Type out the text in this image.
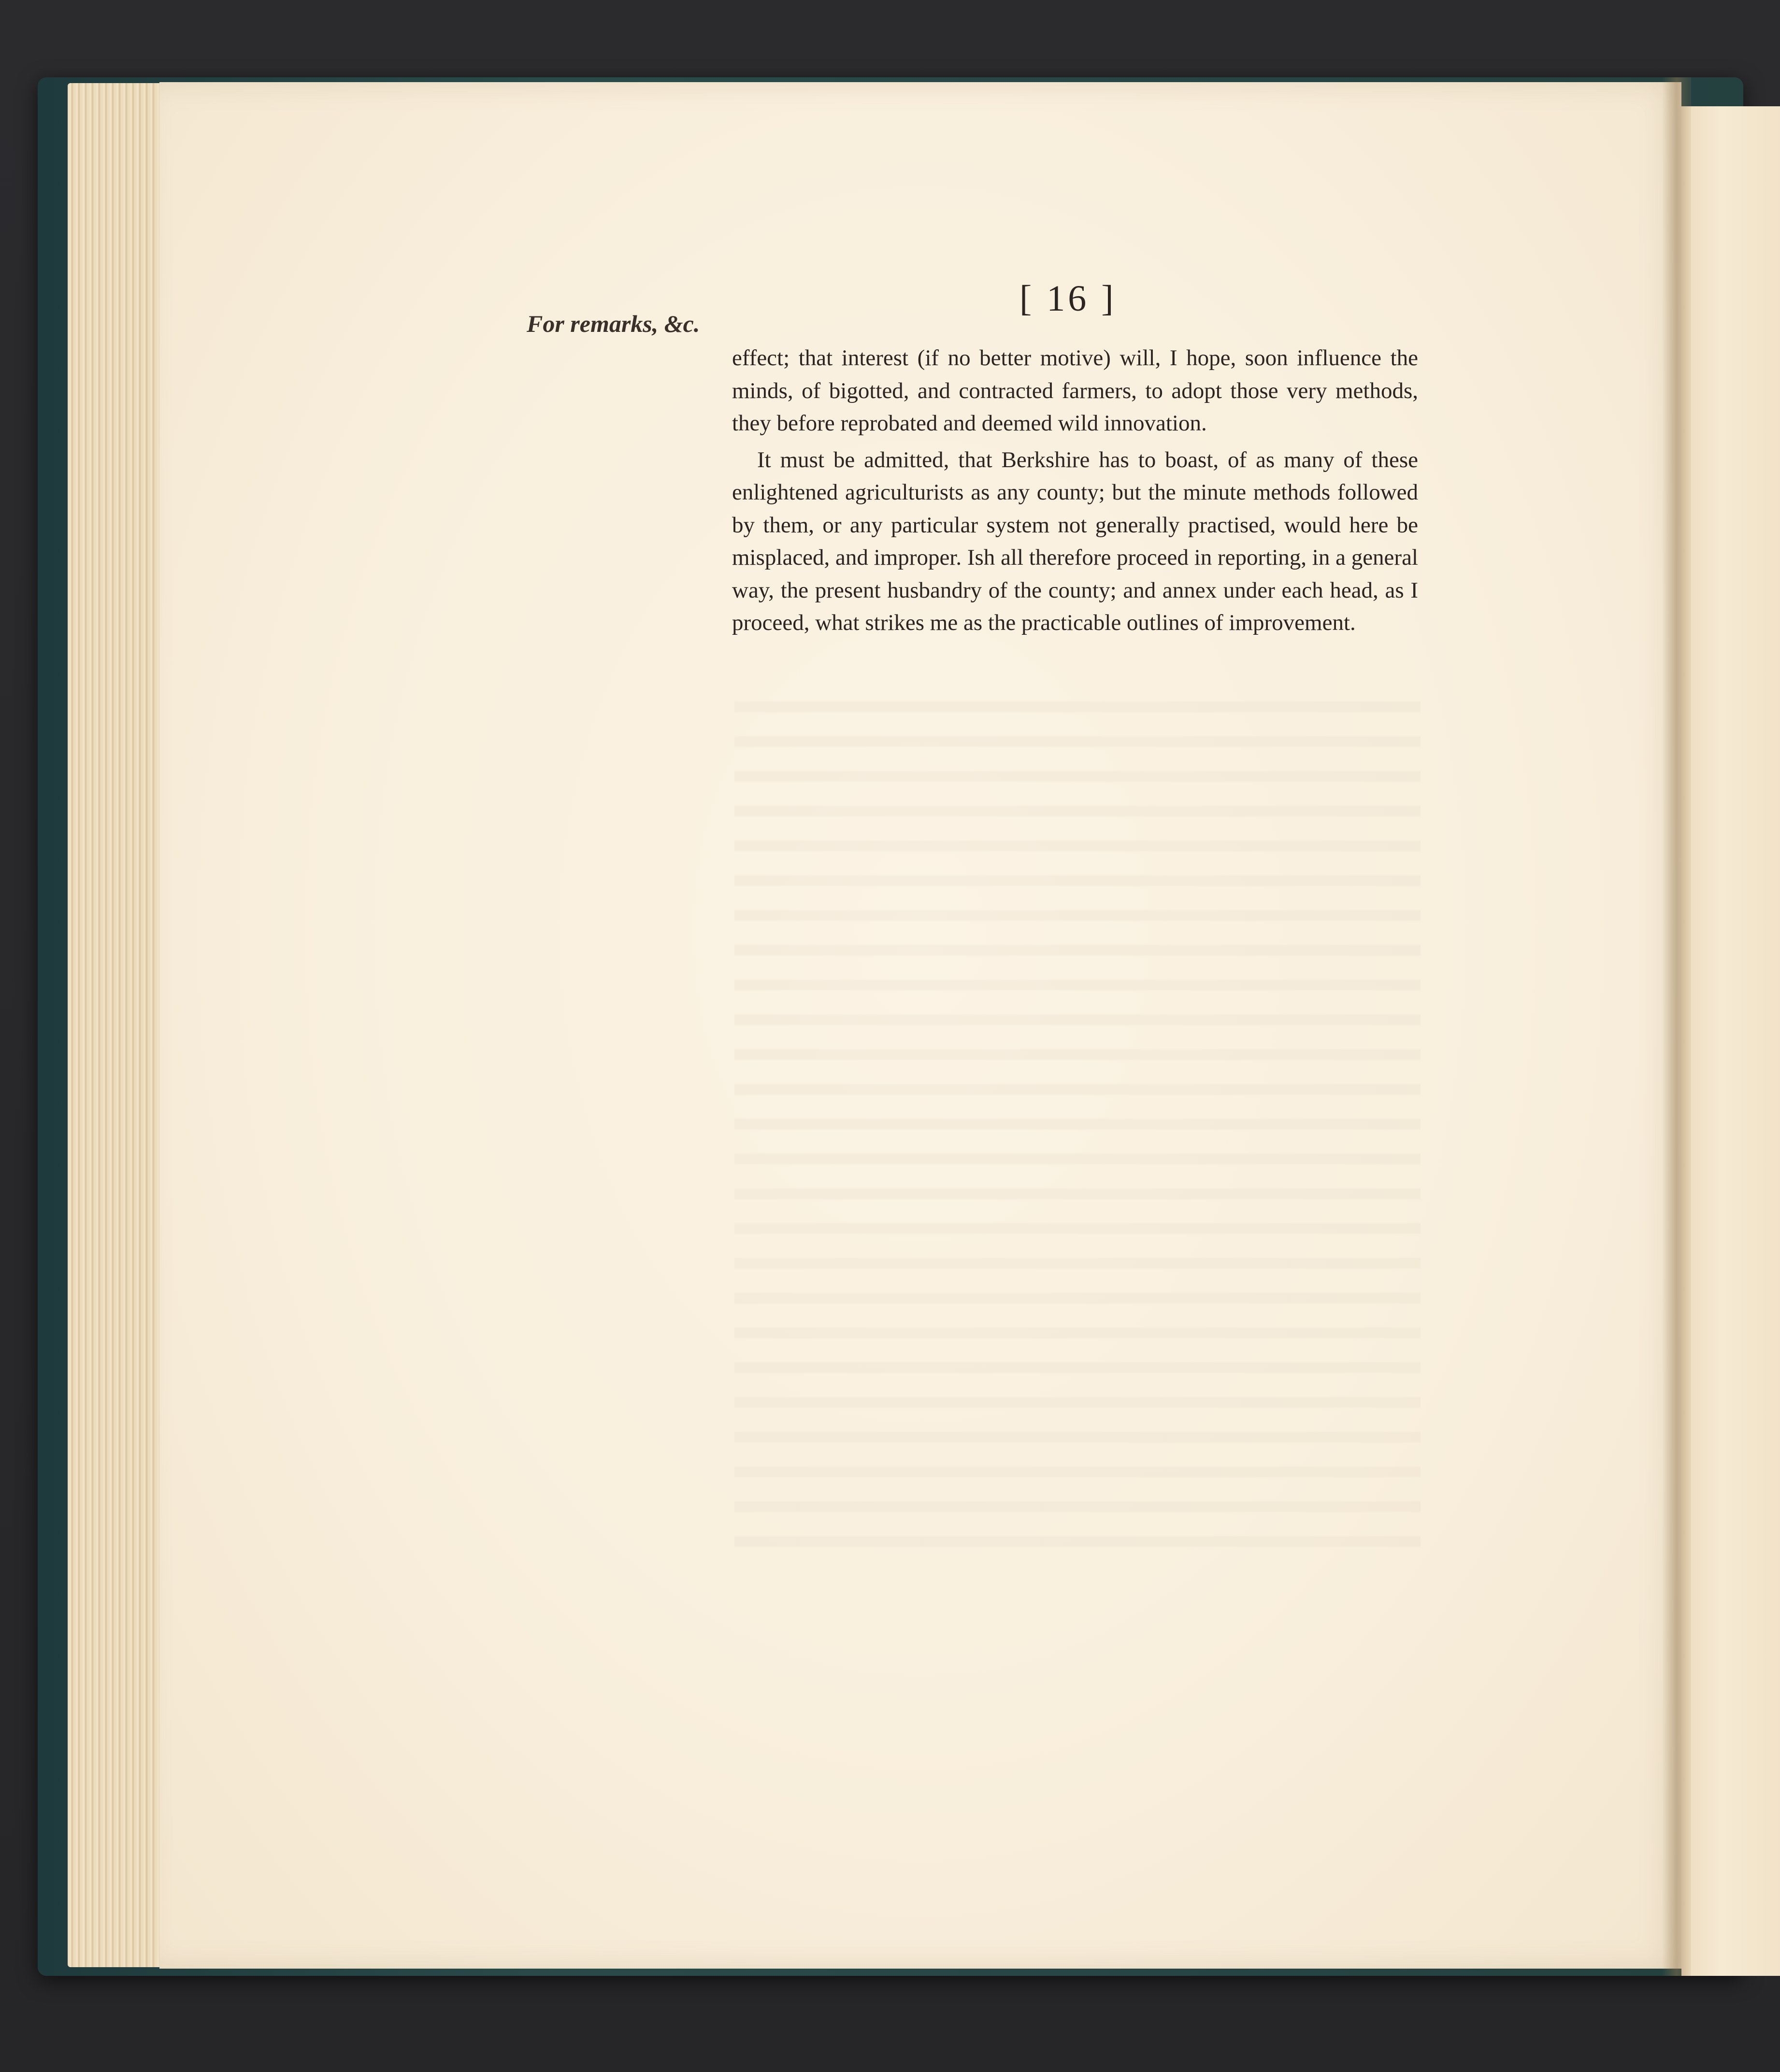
[ 16 ]
For remarks, &c.

effect; that interest (if no better motive) will, I hope, soon influence the minds, of bigotted, and contracted farmers, to adopt those very methods, they before reprobated and deemed wild innovation.

It must be admitted, that Berkshire has to boast, of as many of these enlightened agriculturists as any county; but the minute methods followed by them, or any particular system not generally practised, would here be misplaced, and improper. Ish all therefore proceed in reporting, in a general way, the present husbandry of the county; and annex under each head, as I proceed, what strikes me as the practicable outlines of improvement.
